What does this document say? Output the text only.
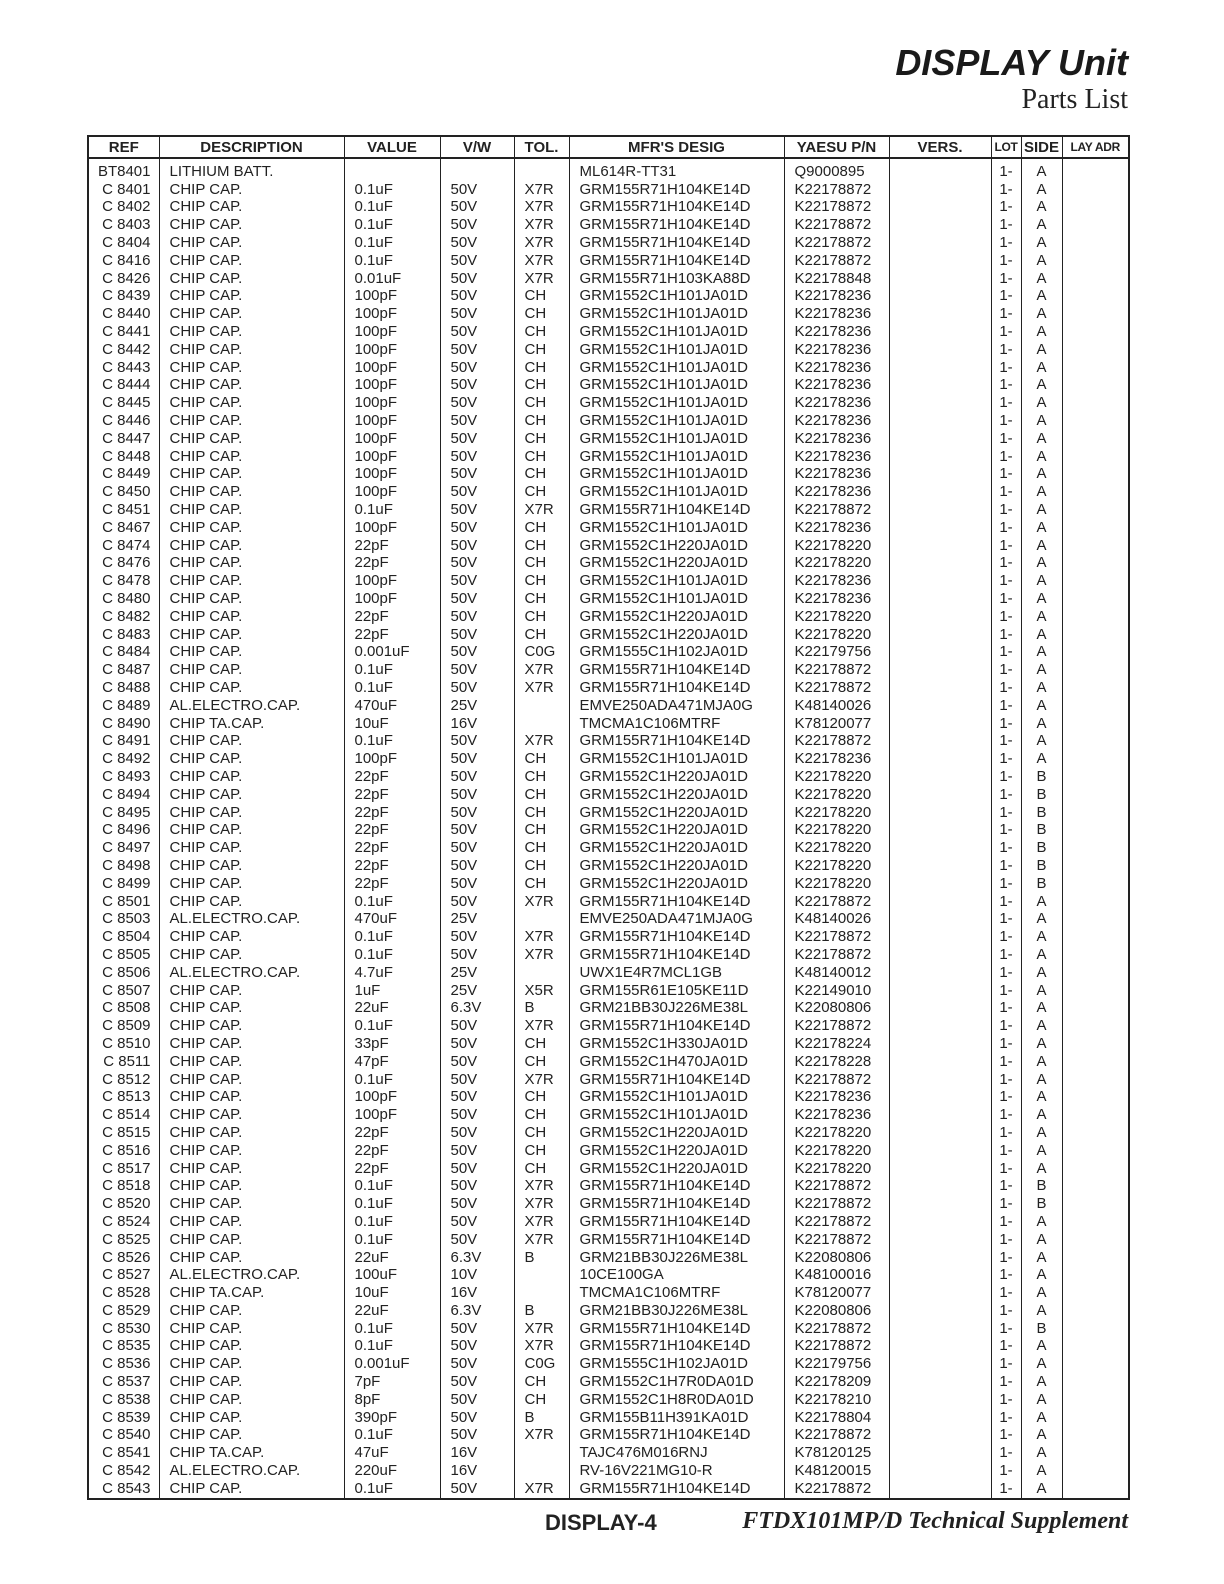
DISPLAY Unit
Parts List
REF	DESCRIPTION	VALUE	V/W	TOL.	MFR'S DESIG	YAESU P/N	VERS.	LOT	SIDE	LAY ADR
BT8401	LITHIUM BATT.				ML614R-TT31	Q9000895		1-	A	
C 8401	CHIP CAP.	0.1uF	50V	X7R	GRM155R71H104KE14D	K22178872		1-	A	
C 8402	CHIP CAP.	0.1uF	50V	X7R	GRM155R71H104KE14D	K22178872		1-	A	
C 8403	CHIP CAP.	0.1uF	50V	X7R	GRM155R71H104KE14D	K22178872		1-	A	
C 8404	CHIP CAP.	0.1uF	50V	X7R	GRM155R71H104KE14D	K22178872		1-	A	
C 8416	CHIP CAP.	0.1uF	50V	X7R	GRM155R71H104KE14D	K22178872		1-	A	
C 8426	CHIP CAP.	0.01uF	50V	X7R	GRM155R71H103KA88D	K22178848		1-	A	
C 8439	CHIP CAP.	100pF	50V	CH	GRM1552C1H101JA01D	K22178236		1-	A	
C 8440	CHIP CAP.	100pF	50V	CH	GRM1552C1H101JA01D	K22178236		1-	A	
C 8441	CHIP CAP.	100pF	50V	CH	GRM1552C1H101JA01D	K22178236		1-	A	
C 8442	CHIP CAP.	100pF	50V	CH	GRM1552C1H101JA01D	K22178236		1-	A	
C 8443	CHIP CAP.	100pF	50V	CH	GRM1552C1H101JA01D	K22178236		1-	A	
C 8444	CHIP CAP.	100pF	50V	CH	GRM1552C1H101JA01D	K22178236		1-	A	
C 8445	CHIP CAP.	100pF	50V	CH	GRM1552C1H101JA01D	K22178236		1-	A	
C 8446	CHIP CAP.	100pF	50V	CH	GRM1552C1H101JA01D	K22178236		1-	A	
C 8447	CHIP CAP.	100pF	50V	CH	GRM1552C1H101JA01D	K22178236		1-	A	
C 8448	CHIP CAP.	100pF	50V	CH	GRM1552C1H101JA01D	K22178236		1-	A	
C 8449	CHIP CAP.	100pF	50V	CH	GRM1552C1H101JA01D	K22178236		1-	A	
C 8450	CHIP CAP.	100pF	50V	CH	GRM1552C1H101JA01D	K22178236		1-	A	
C 8451	CHIP CAP.	0.1uF	50V	X7R	GRM155R71H104KE14D	K22178872		1-	A	
C 8467	CHIP CAP.	100pF	50V	CH	GRM1552C1H101JA01D	K22178236		1-	A	
C 8474	CHIP CAP.	22pF	50V	CH	GRM1552C1H220JA01D	K22178220		1-	A	
C 8476	CHIP CAP.	22pF	50V	CH	GRM1552C1H220JA01D	K22178220		1-	A	
C 8478	CHIP CAP.	100pF	50V	CH	GRM1552C1H101JA01D	K22178236		1-	A	
C 8480	CHIP CAP.	100pF	50V	CH	GRM1552C1H101JA01D	K22178236		1-	A	
C 8482	CHIP CAP.	22pF	50V	CH	GRM1552C1H220JA01D	K22178220		1-	A	
C 8483	CHIP CAP.	22pF	50V	CH	GRM1552C1H220JA01D	K22178220		1-	A	
C 8484	CHIP CAP.	0.001uF	50V	C0G	GRM1555C1H102JA01D	K22179756		1-	A	
C 8487	CHIP CAP.	0.1uF	50V	X7R	GRM155R71H104KE14D	K22178872		1-	A	
C 8488	CHIP CAP.	0.1uF	50V	X7R	GRM155R71H104KE14D	K22178872		1-	A	
C 8489	AL.ELECTRO.CAP.	470uF	25V		EMVE250ADA471MJA0G	K48140026		1-	A	
C 8490	CHIP TA.CAP.	10uF	16V		TMCMA1C106MTRF	K78120077		1-	A	
C 8491	CHIP CAP.	0.1uF	50V	X7R	GRM155R71H104KE14D	K22178872		1-	A	
C 8492	CHIP CAP.	100pF	50V	CH	GRM1552C1H101JA01D	K22178236		1-	A	
C 8493	CHIP CAP.	22pF	50V	CH	GRM1552C1H220JA01D	K22178220		1-	B	
C 8494	CHIP CAP.	22pF	50V	CH	GRM1552C1H220JA01D	K22178220		1-	B	
C 8495	CHIP CAP.	22pF	50V	CH	GRM1552C1H220JA01D	K22178220		1-	B	
C 8496	CHIP CAP.	22pF	50V	CH	GRM1552C1H220JA01D	K22178220		1-	B	
C 8497	CHIP CAP.	22pF	50V	CH	GRM1552C1H220JA01D	K22178220		1-	B	
C 8498	CHIP CAP.	22pF	50V	CH	GRM1552C1H220JA01D	K22178220		1-	B	
C 8499	CHIP CAP.	22pF	50V	CH	GRM1552C1H220JA01D	K22178220		1-	B	
C 8501	CHIP CAP.	0.1uF	50V	X7R	GRM155R71H104KE14D	K22178872		1-	A	
C 8503	AL.ELECTRO.CAP.	470uF	25V		EMVE250ADA471MJA0G	K48140026		1-	A	
C 8504	CHIP CAP.	0.1uF	50V	X7R	GRM155R71H104KE14D	K22178872		1-	A	
C 8505	CHIP CAP.	0.1uF	50V	X7R	GRM155R71H104KE14D	K22178872		1-	A	
C 8506	AL.ELECTRO.CAP.	4.7uF	25V		UWX1E4R7MCL1GB	K48140012		1-	A	
C 8507	CHIP CAP.	1uF	25V	X5R	GRM155R61E105KE11D	K22149010		1-	A	
C 8508	CHIP CAP.	22uF	6.3V	B	GRM21BB30J226ME38L	K22080806		1-	A	
C 8509	CHIP CAP.	0.1uF	50V	X7R	GRM155R71H104KE14D	K22178872		1-	A	
C 8510	CHIP CAP.	33pF	50V	CH	GRM1552C1H330JA01D	K22178224		1-	A	
C 8511	CHIP CAP.	47pF	50V	CH	GRM1552C1H470JA01D	K22178228		1-	A	
C 8512	CHIP CAP.	0.1uF	50V	X7R	GRM155R71H104KE14D	K22178872		1-	A	
C 8513	CHIP CAP.	100pF	50V	CH	GRM1552C1H101JA01D	K22178236		1-	A	
C 8514	CHIP CAP.	100pF	50V	CH	GRM1552C1H101JA01D	K22178236		1-	A	
C 8515	CHIP CAP.	22pF	50V	CH	GRM1552C1H220JA01D	K22178220		1-	A	
C 8516	CHIP CAP.	22pF	50V	CH	GRM1552C1H220JA01D	K22178220		1-	A	
C 8517	CHIP CAP.	22pF	50V	CH	GRM1552C1H220JA01D	K22178220		1-	A	
C 8518	CHIP CAP.	0.1uF	50V	X7R	GRM155R71H104KE14D	K22178872		1-	B	
C 8520	CHIP CAP.	0.1uF	50V	X7R	GRM155R71H104KE14D	K22178872		1-	B	
C 8524	CHIP CAP.	0.1uF	50V	X7R	GRM155R71H104KE14D	K22178872		1-	A	
C 8525	CHIP CAP.	0.1uF	50V	X7R	GRM155R71H104KE14D	K22178872		1-	A	
C 8526	CHIP CAP.	22uF	6.3V	B	GRM21BB30J226ME38L	K22080806		1-	A	
C 8527	AL.ELECTRO.CAP.	100uF	10V		10CE100GA	K48100016		1-	A	
C 8528	CHIP TA.CAP.	10uF	16V		TMCMA1C106MTRF	K78120077		1-	A	
C 8529	CHIP CAP.	22uF	6.3V	B	GRM21BB30J226ME38L	K22080806		1-	A	
C 8530	CHIP CAP.	0.1uF	50V	X7R	GRM155R71H104KE14D	K22178872		1-	B	
C 8535	CHIP CAP.	0.1uF	50V	X7R	GRM155R71H104KE14D	K22178872		1-	A	
C 8536	CHIP CAP.	0.001uF	50V	C0G	GRM1555C1H102JA01D	K22179756		1-	A	
C 8537	CHIP CAP.	7pF	50V	CH	GRM1552C1H7R0DA01D	K22178209		1-	A	
C 8538	CHIP CAP.	8pF	50V	CH	GRM1552C1H8R0DA01D	K22178210		1-	A	
C 8539	CHIP CAP.	390pF	50V	B	GRM155B11H391KA01D	K22178804		1-	A	
C 8540	CHIP CAP.	0.1uF	50V	X7R	GRM155R71H104KE14D	K22178872		1-	A	
C 8541	CHIP TA.CAP.	47uF	16V		TAJC476M016RNJ	K78120125		1-	A	
C 8542	AL.ELECTRO.CAP.	220uF	16V		RV-16V221MG10-R	K48120015		1-	A	
C 8543	CHIP CAP.	0.1uF	50V	X7R	GRM155R71H104KE14D	K22178872		1-	A	
DISPLAY-4	FTDX101MP/D Technical Supplement
